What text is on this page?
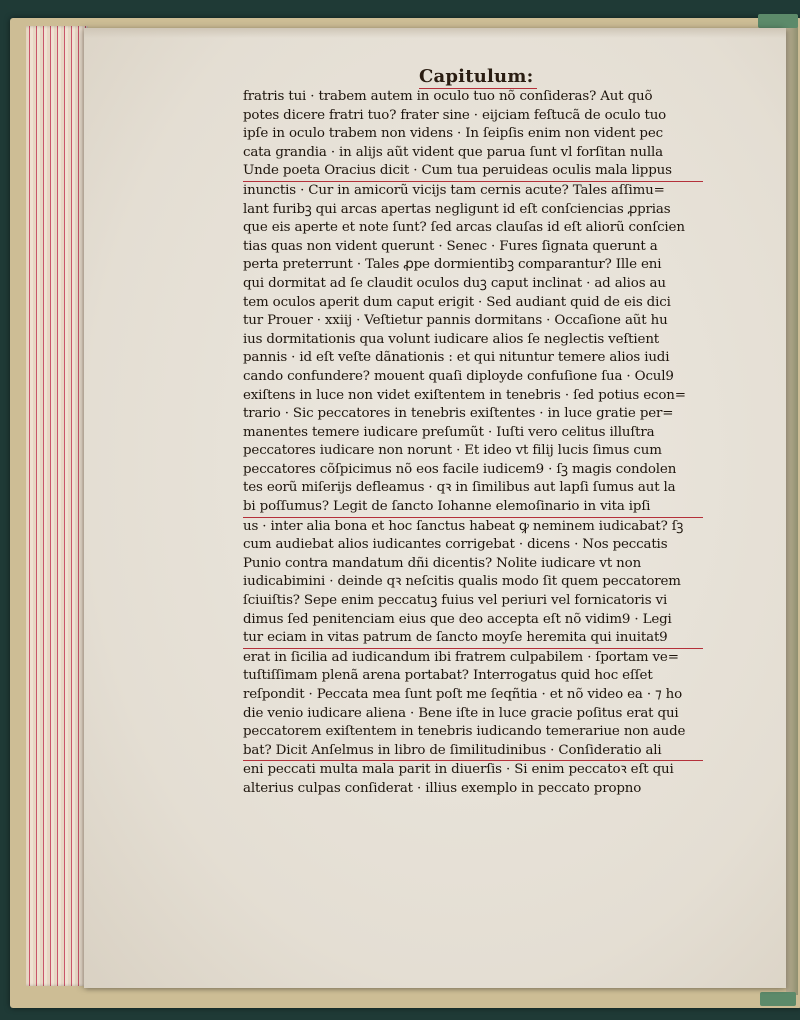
Capitulum:
fratris tui · trabem autem in oculo tuo nõ conſideras? Aut quõ
potes dicere fratri tuo? frater sine · eijciam feſtucã de oculo tuo
ipſe in oculo trabem non videns · In ſeipſis enim non vident pec
cata grandia · in alijs aũt vident que parua ſunt vl forſitan nulla
Unde poeta Oracius dicit · Cum tua peruideas oculis mala lippus
inunctis · Cur in amicorũ vicijs tam cernis acute? Tales aſſimu=
lant furibꝫ qui arcas apertas negligunt id eſt conſciencias ꝓprias
que eis aperte et note ſunt? ſed arcas clauſas id eſt aliorũ conſcien
tias quas non vident querunt · Senec · Fures ſignata querunt a
perta preterrunt · Tales ꝓpe dormientibꝫ comparantur? Ille eni
qui dormitat ad ſe claudit oculos duꝫ caput inclinat · ad alios au
tem oculos aperit dum caput erigit · Sed audiant quid de eis dici
tur Prouer · xxiij · Veſtietur pannis dormitans · Occaſione aũt hu
ius dormitationis qua volunt iudicare alios ſe neglectis veſtient
pannis · id eſt veſte dãnationis : et qui nituntur temere alios iudi
cando confundere? mouent quaſi diployde confuſione ſua · Ocul9
exiſtens in luce non videt exiſtentem in tenebris · ſed potius econ=
trario · Sic peccatores in tenebris exiſtentes · in luce gratie per=
manentes temere iudicare preſumũt · Iuſti vero celitus illuſtra
peccatores iudicare non norunt · Et ideo vt filij lucis ſimus cum
peccatores cõſpicimus nõ eos facile iudicem9 · ſꝫ magis condolen
tes eorũ miſerijs defleamus · qꝛ in ſimilibus aut lapſi ſumus aut la
bi poſſumus? Legit de ſancto Iohanne elemoſinario in vita ipſi
us · inter alia bona et hoc ſanctus habeat ꝙ neminem iudicabat? ſꝫ
cum audiebat alios iudicantes corrigebat · dicens · Nos peccatis
Punio contra mandatum dñi dicentis? Nolite iudicare vt non
iudicabimini · deinde qꝛ neſcitis qualis modo ſit quem peccatorem
ſciuiſtis? Sepe enim peccatuꝫ fuius vel periuri vel fornicatoris vi
dimus ſed penitenciam eius que deo accepta eſt nõ vidim9 · Legi
tur eciam in vitas patrum de ſancto moyſe heremita qui inuitat9
erat in ſicilia ad iudicandum ibi fratrem culpabilem · ſportam ve=
tuſtiſſimam plenã arena portabat? Interrogatus quid hoc eſſet
reſpondit · Peccata mea ſunt poſt me ſeqñtia · et nõ video ea · ⁊ ho
die venio iudicare aliena · Bene iſte in luce gracie poſitus erat qui
peccatorem exiſtentem in tenebris iudicando temerariue non aude
bat? Dicit Anſelmus in libro de ſimilitudinibus · Conſideratio ali
eni peccati multa mala parit in diuerſis · Si enim peccatoꝛ eſt qui
alterius culpas conſiderat · illius exemplo in peccato propno
